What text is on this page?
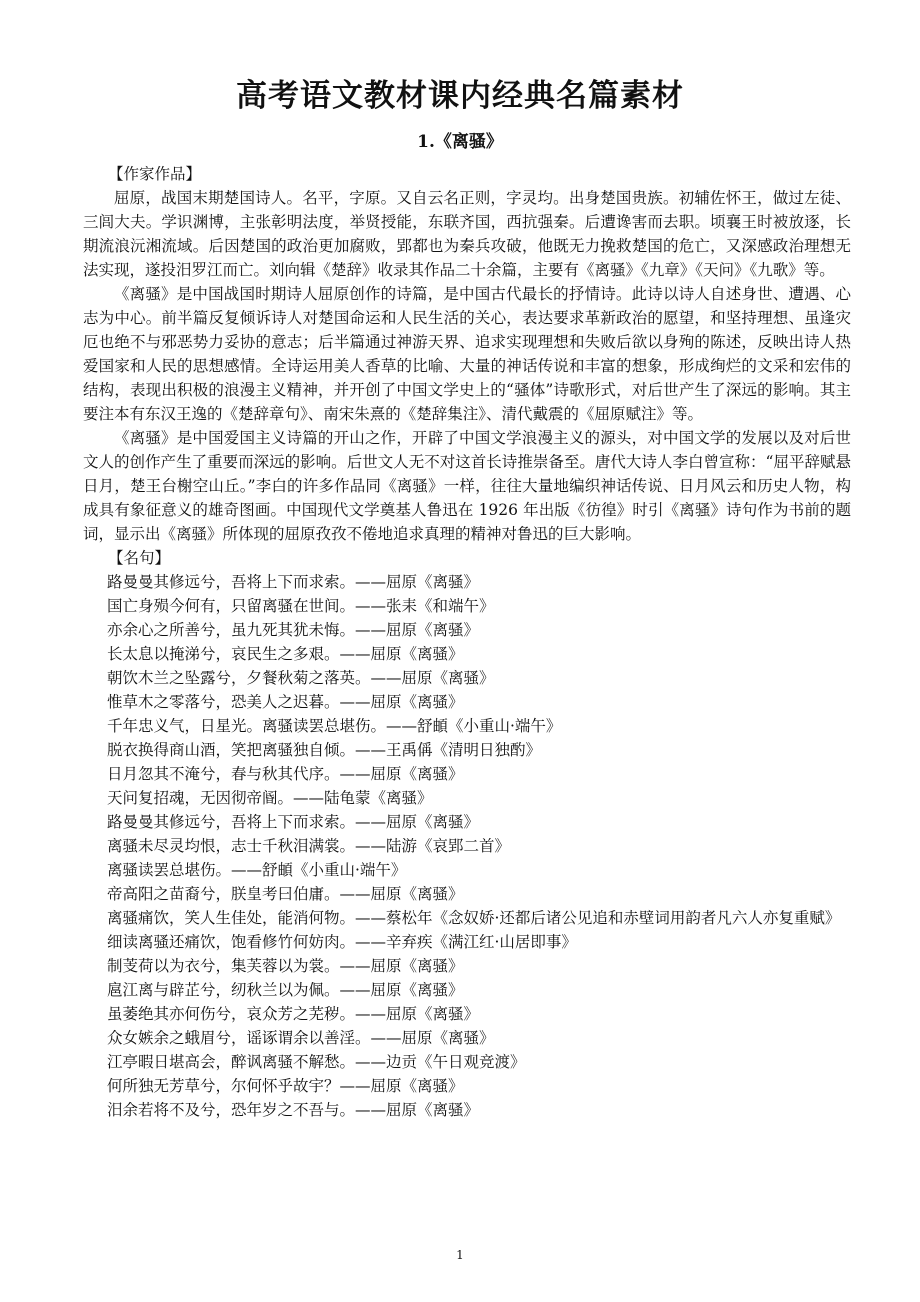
高考语文教材课内经典名篇素材
1.《离骚》
【作家作品】

屈原，战国末期楚国诗人。名平，字原。又自云名正则，字灵均。出身楚国贵族。初辅佐怀王，做过左徒、三闾大夫。学识渊博，主张彰明法度，举贤授能，东联齐国，西抗强秦。后遭谗害而去职。顷襄王时被放逐，长期流浪沅湘流域。后因楚国的政治更加腐败，郢都也为秦兵攻破，他既无力挽救楚国的危亡，又深感政治理想无法实现，遂投汨罗江而亡。刘向辑《楚辞》收录其作品二十余篇，主要有《离骚》《九章》《天问》《九歌》等。

《离骚》是中国战国时期诗人屈原创作的诗篇，是中国古代最长的抒情诗。此诗以诗人自述身世、遭遇、心志为中心。前半篇反复倾诉诗人对楚国命运和人民生活的关心，表达要求革新政治的愿望，和坚持理想、虽逢灾厄也绝不与邪恶势力妥协的意志；后半篇通过神游天界、追求实现理想和失败后欲以身殉的陈述，反映出诗人热爱国家和人民的思想感情。全诗运用美人香草的比喻、大量的神话传说和丰富的想象，形成绚烂的文采和宏伟的结构，表现出积极的浪漫主义精神，并开创了中国文学史上的“骚体”诗歌形式，对后世产生了深远的影响。其主要注本有东汉王逸的《楚辞章句》、南宋朱熹的《楚辞集注》、清代戴震的《屈原赋注》等。

《离骚》是中国爱国主义诗篇的开山之作，开辟了中国文学浪漫主义的源头，对中国文学的发展以及对后世文人的创作产生了重要而深远的影响。后世文人无不对这首长诗推崇备至。唐代大诗人李白曾宣称：“屈平辞赋悬日月，楚王台榭空山丘。”李白的许多作品同《离骚》一样，往往大量地编织神话传说、日月风云和历史人物，构成具有象征意义的雄奇图画。中国现代文学奠基人鲁迅在 1926 年出版《彷徨》时引《离骚》诗句作为书前的题词，显示出《离骚》所体现的屈原孜孜不倦地追求真理的精神对鲁迅的巨大影响。

【名句】

路曼曼其修远兮，吾将上下而求索。——屈原《离骚》

国亡身殒今何有，只留离骚在世间。——张耒《和端午》

亦余心之所善兮，虽九死其犹未悔。——屈原《离骚》

长太息以掩涕兮，哀民生之多艰。——屈原《离骚》

朝饮木兰之坠露兮，夕餐秋菊之落英。——屈原《离骚》

惟草木之零落兮，恐美人之迟暮。——屈原《离骚》

千年忠义气，日星光。离骚读罢总堪伤。——舒頔《小重山·端午》

脱衣换得商山酒，笑把离骚独自倾。——王禹偁《清明日独酌》

日月忽其不淹兮，春与秋其代序。——屈原《离骚》

天问复招魂，无因彻帝阍。——陆龟蒙《离骚》

路曼曼其修远兮，吾将上下而求索。——屈原《离骚》

离骚未尽灵均恨，志士千秋泪满裳。——陆游《哀郢二首》

离骚读罢总堪伤。——舒頔《小重山·端午》

帝高阳之苗裔兮，朕皇考曰伯庸。——屈原《离骚》

离骚痛饮，笑人生佳处，能消何物。——蔡松年《念奴娇·还都后诸公见追和赤壁词用韵者凡六人亦复重赋》

细读离骚还痛饮，饱看修竹何妨肉。——辛弃疾《满江红·山居即事》

制芰荷以为衣兮，集芙蓉以为裳。——屈原《离骚》

扈江离与辟芷兮，纫秋兰以为佩。——屈原《离骚》

虽萎绝其亦何伤兮，哀众芳之芜秽。——屈原《离骚》

众女嫉余之蛾眉兮，谣诼谓余以善淫。——屈原《离骚》

江亭暇日堪高会，醉讽离骚不解愁。——边贡《午日观竞渡》

何所独无芳草兮，尔何怀乎故宇？——屈原《离骚》

汨余若将不及兮，恐年岁之不吾与。——屈原《离骚》

1
